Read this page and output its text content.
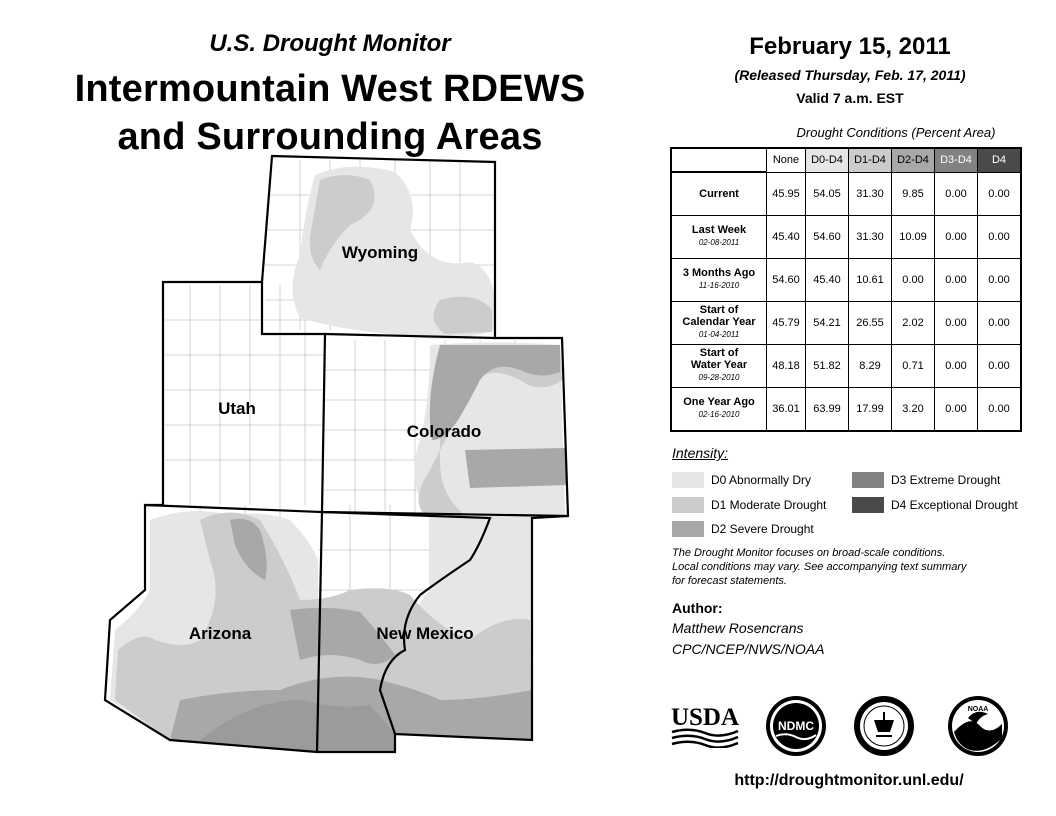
U.S. Drought Monitor
Intermountain West RDEWS
and Surrounding Areas
Wyoming
Utah
Colorado
Arizona	New Mexico
February 15, 2011
(Released Thursday, Feb. 17, 2011)
Valid 7 a.m. EST
Drought Conditions (Percent Area)
	None	D0-D4	D1-D4	D2-D4	D3-D4	D4
Current	45.95	54.05	31.30	9.85	0.00	0.00
Last Week
02-08-2011	45.40	54.60	31.30	10.09	0.00	0.00
3 Months Ago
11-16-2010	54.60	45.40	10.61	0.00	0.00	0.00
Start of
Calendar Year
01-04-2011	45.79	54.21	26.55	2.02	0.00	0.00
Start of
Water Year
09-28-2010	48.18	51.82	8.29	0.71	0.00	0.00
One Year Ago
02-16-2010	36.01	63.99	17.99	3.20	0.00	0.00
Intensity:
D0 Abnormally Dry
D1 Moderate Drought
D2 Severe Drought
D3 Extreme Drought
D4 Exceptional Drought
The Drought Monitor focuses on broad-scale conditions.
Local conditions may vary. See accompanying text summary
for forecast statements.
Author:
Matthew Rosencrans
CPC/NCEP/NWS/NOAA
USDA	NDMC
NOAA
http://droughtmonitor.unl.edu/
